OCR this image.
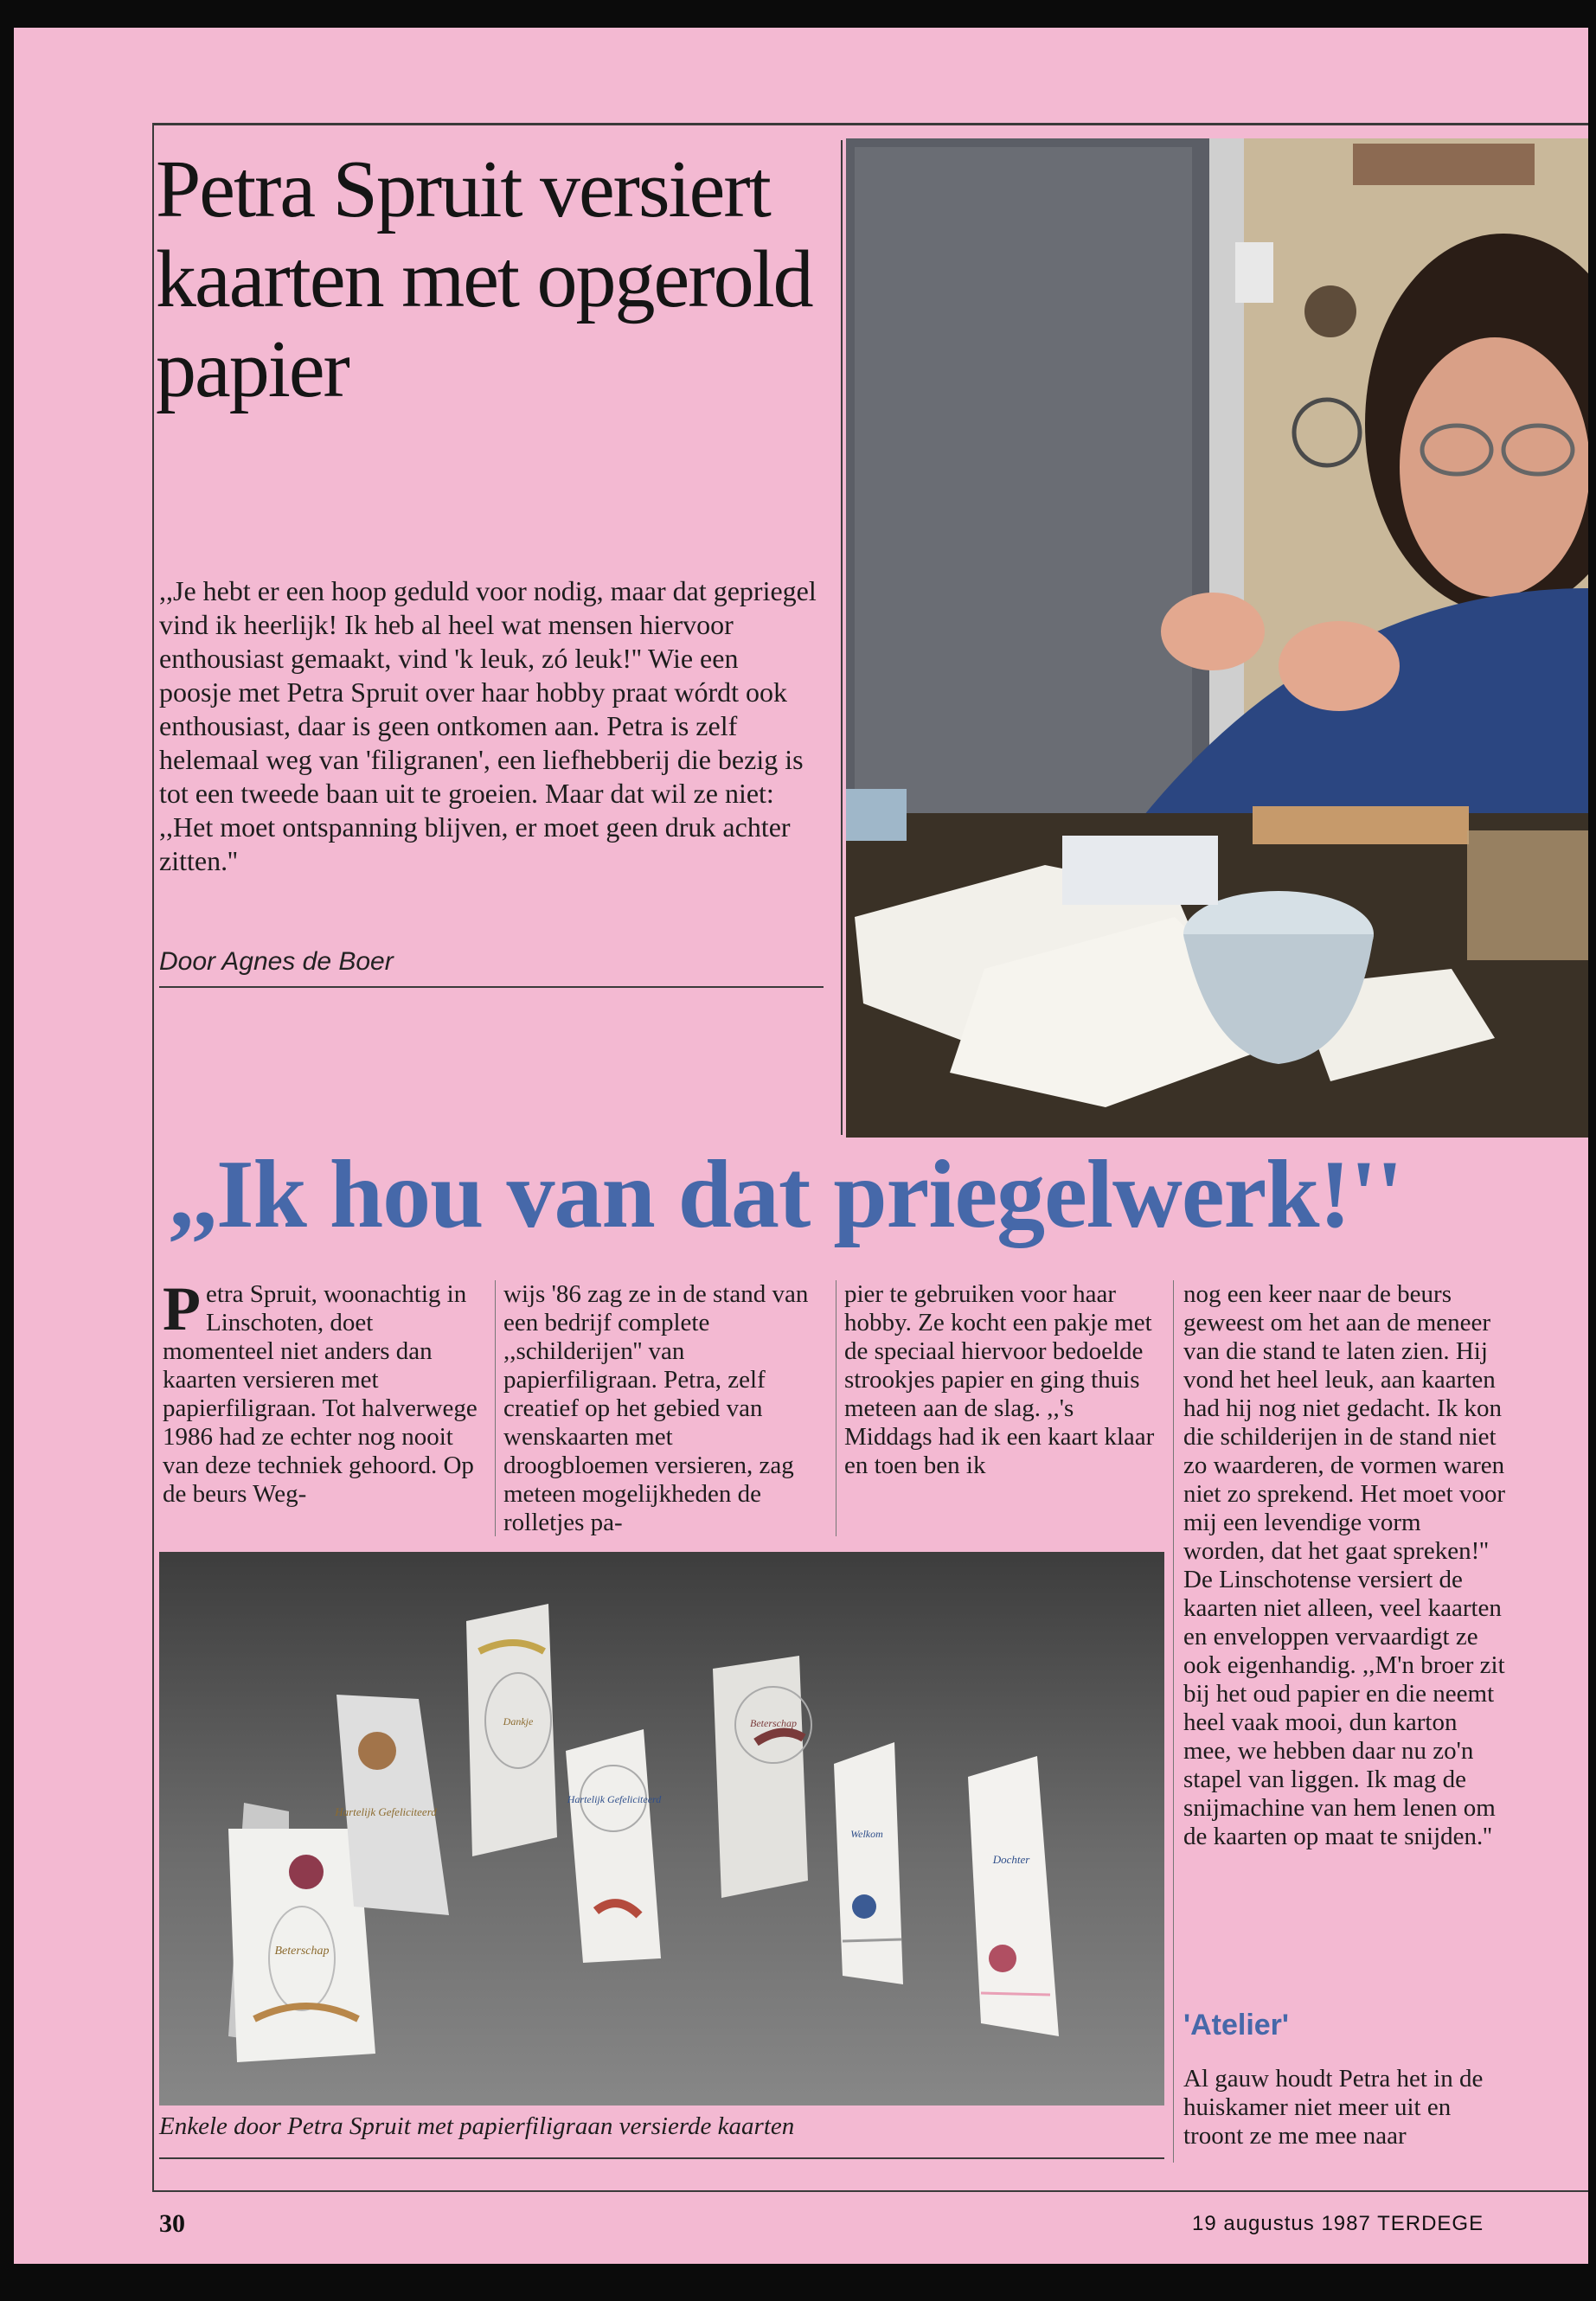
Petra Spruit versiert kaarten met opgerold papier
,,Je hebt er een hoop geduld voor nodig, maar dat gepriegel vind ik heerlijk! Ik heb al heel wat mensen hiervoor enthousiast gemaakt, vind 'k leuk, zó leuk!'' Wie een poosje met Petra Spruit over haar hobby praat wórdt ook enthousiast, daar is geen ontkomen aan. Petra is zelf helemaal weg van 'filigranen', een liefhebberij die bezig is tot een tweede baan uit te groeien. Maar dat wil ze niet: ,,Het moet ontspanning blijven, er moet geen druk achter zitten.''
Door Agnes de Boer
,,Ik hou van dat priegelwerk!''
Petra Spruit, woonachtig in Linschoten, doet momenteel niet anders dan kaarten versieren met papierfiligraan. Tot halverwege 1986 had ze echter nog nooit van deze techniek gehoord. Op de beurs Weg-
wijs '86 zag ze in de stand van een bedrijf complete ,,schilderijen'' van papierfiligraan. Petra, zelf creatief op het gebied van wenskaarten met droogbloemen versieren, zag meteen mogelijkheden de rolletjes pa-
pier te gebruiken voor haar hobby. Ze kocht een pakje met de speciaal hiervoor bedoelde strookjes papier en ging thuis meteen aan de slag. ,,'s Middags had ik een kaart klaar en toen ben ik
nog een keer naar de beurs geweest om het aan de meneer van die stand te laten zien. Hij vond het heel leuk, aan kaarten had hij nog niet gedacht. Ik kon die schilderijen in de stand niet zo waarderen, de vormen waren niet zo sprekend. Het moet voor mij een levendige vorm worden, dat het gaat spreken!'' De Linschotense versiert de kaarten niet alleen, veel kaarten en enveloppen vervaardigt ze ook eigenhandig. ,,M'n broer zit bij het oud papier en die neemt heel vaak mooi, dun karton mee, we hebben daar nu zo'n stapel van liggen. Ik mag de snijmachine van hem lenen om de kaarten op maat te snijden.''
Beterschap
Hartelijk Gefeliciteerd
Dankje
Hartelijk Gefeliciteerd
Beterschap
Welkom
Dochter
Enkele door Petra Spruit met papierfiligraan versierde kaarten
'Atelier'
Al gauw houdt Petra het in de huiskamer niet meer uit en troont ze me mee naar
30	19 augustus 1987 TERDEGE
